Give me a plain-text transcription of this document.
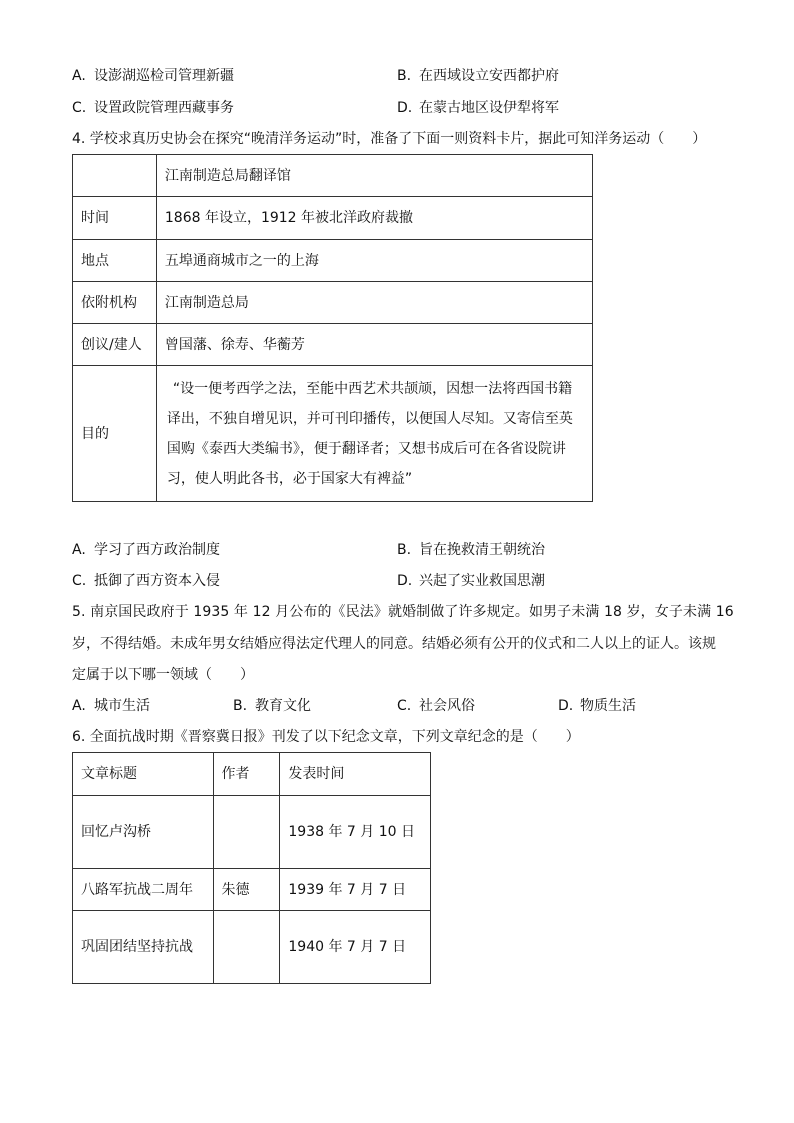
A. 设澎湖巡检司管理新疆	B. 在西域设立安西都护府
C. 设置政院管理西藏事务	D. 在蒙古地区设伊犁将军
4. 学校求真历史协会在探究“晚清洋务运动”时，准备了下面一则资料卡片，据此可知洋务运动（　　）
	江南制造总局翻译馆
时间	1868 年设立，1912 年被北洋政府裁撤
地点	五埠通商城市之一的上海
依附机构	江南制造总局
创议/建人	曾国藩、徐寿、华蘅芳
目的	“设一便考西学之法，至能中西艺术共颉颃，因想一法将西国书籍
译出，不独自增见识，并可刊印播传，以便国人尽知。又寄信至英
国购《泰西大类编书》，便于翻译者；又想书成后可在各省设院讲
习，使人明此各书，必于国家大有裨益”
A. 学习了西方政治制度	B. 旨在挽救清王朝统治
C. 抵御了西方资本入侵	D. 兴起了实业救国思潮
5. 南京国民政府于 1935 年 12 月公布的《民法》就婚制做了许多规定。如男子未满 18 岁，女子未满 16
岁，不得结婚。未成年男女结婚应得法定代理人的同意。结婚必须有公开的仪式和二人以上的证人。该规
定属于以下哪一领域（　　）
A. 城市生活	B. 教育文化	C. 社会风俗	D. 物质生活
6. 全面抗战时期《晋察冀日报》刊发了以下纪念文章，下列文章纪念的是（　　）
文章标题	作者	发表时间
回忆卢沟桥		1938 年 7 月 10 日
八路军抗战二周年	朱德	1939 年 7 月 7 日
巩固团结坚持抗战		1940 年 7 月 7 日
